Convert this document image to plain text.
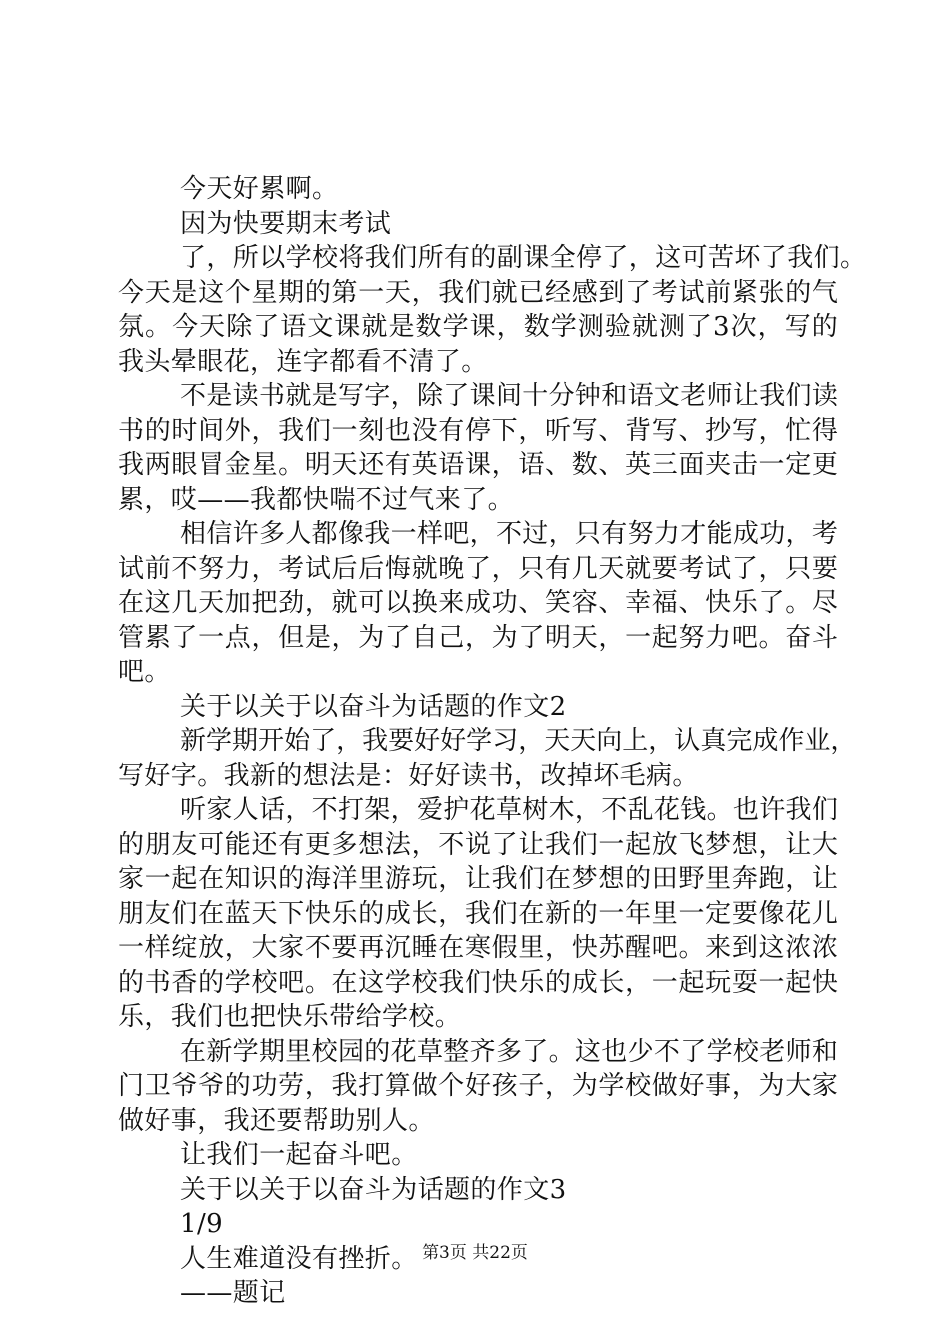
今天好累啊。
因为快要期末考试
了，所以学校将我们所有的副课全停了，这可苦坏了我们。
今 天 是 这 个 星 期 的 第 一 天 ， 我 们 就 已 经 感 到 了 考 试 前 紧 张 的 气
氛 。 今 天 除 了 语 文 课 就 是 数 学 课 ， 数 学 测 验 就 测 了 3 次 ， 写 的
我头晕眼花，连字都看不清了。
不 是 读 书 就 是 写 字 ， 除 了 课 间 十 分 钟 和 语 文 老 师 让 我 们 读
书 的 时 间 外 ， 我 们 一 刻 也 没 有 停 下 ， 听 写 、 背 写 、 抄 写 ， 忙 得
我 两 眼 冒 金 星 。 明 天 还 有 英 语 课 ， 语 、 数 、 英 三 面 夹 击 一 定 更
累，哎——我都快喘不过气来了。
相 信 许 多 人 都 像 我 一 样 吧 ， 不 过 ， 只 有 努 力 才 能 成 功 ， 考
试 前 不 努 力 ， 考 试 后 后 悔 就 晚 了 ， 只 有 几 天 就 要 考 试 了 ， 只 要
在 这 几 天 加 把 劲 ， 就 可 以 换 来 成 功 、 笑 容 、 幸 福 、 快 乐 了 。 尽
管 累 了 一 点 ， 但 是 ， 为 了 自 己 ， 为 了 明 天 ， 一 起 努 力 吧 。 奋 斗
吧。
关于以关于以奋斗为话题的作文2
新 学 期 开 始 了 ， 我 要 好 好 学 习 ， 天 天 向 上 ， 认 真 完 成 作 业 ，
写好字。我新的想法是：好好读书，改掉坏毛病。
听 家 人 话 ， 不 打 架 ， 爱 护 花 草 树 木 ， 不 乱 花 钱 。 也 许 我 们
的 朋 友 可 能 还 有 更 多 想 法 ， 不 说 了 让 我 们 一 起 放 飞 梦 想 ， 让 大
家 一 起 在 知 识 的 海 洋 里 游 玩 ， 让 我 们 在 梦 想 的 田 野 里 奔 跑 ， 让
朋 友 们 在 蓝 天 下 快 乐 的 成 长 ， 我 们 在 新 的 一 年 里 一 定 要 像 花 儿
一 样 绽 放 ， 大 家 不 要 再 沉 睡 在 寒 假 里 ， 快 苏 醒 吧 。 来 到 这 浓 浓
的 书 香 的 学 校 吧 。 在 这 学 校 我 们 快 乐 的 成 长 ， 一 起 玩 耍 一 起 快
乐，我们也把快乐带给学校。
在 新 学 期 里 校 园 的 花 草 整 齐 多 了 。 这 也 少 不 了 学 校 老 师 和
门 卫 爷 爷 的 功 劳 ， 我 打 算 做 个 好 孩 子 ， 为 学 校 做 好 事 ， 为 大 家
做好事，我还要帮助别人。
让我们一起奋斗吧。
关于以关于以奋斗为话题的作文3
1/9
人生难道没有挫折。
——题记
第3页 共22页
